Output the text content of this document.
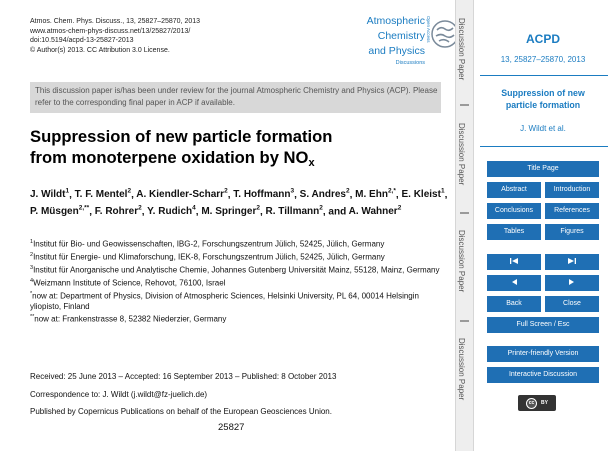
Atmos. Chem. Phys. Discuss., 13, 25827–25870, 2013
www.atmos-chem-phys-discuss.net/13/25827/2013/
doi:10.5194/acpd-13-25827-2013
© Author(s) 2013. CC Attribution 3.0 License.
Atmospheric
Chemistry
and Physics
Discussions
Open Access
This discussion paper is/has been under review for the journal Atmospheric Chemistry and Physics (ACP). Please refer to the corresponding final paper in ACP if available.
Suppression of new particle formation
from monoterpene oxidation by $NO_x$
J. Wildt$^1$, T. F. Mentel$^2$, A. Kiendler-Scharr$^2$, T. Hoffmann$^3$, S. Andres$^2$, M. Ehn$^{2,*}$, E. Kleist$^1$, P. Müsgen$^{2,**}$, F. Rohrer$^2$, Y. Rudich$^4$, M. Springer$^2$, R. Tillmann$^2$, and A. Wahner$^2$
$^1$Institut für Bio- und Geowissenschaften, IBG-2, Forschungszentrum Jülich, 52425, Jülich, Germany
$^2$Institut für Energie- und Klimaforschung, IEK-8, Forschungszentrum Jülich, 52425, Jülich, Germany
$^3$Institut für Anorganische und Analytische Chemie, Johannes Gutenberg Universität Mainz, 55128, Mainz, Germany
$^4$Weizmann Institute of Science, Rehovot, 76100, Israel
*now at: Department of Physics, Division of Atmospheric Sciences, Helsinki University, PL 64, 00014 Helsingin yliopisto, Finland
**now at: Frankenstrasse 8, 52382 Niederzier, Germany
Received: 25 June 2013 – Accepted: 16 September 2013 – Published: 8 October 2013
Correspondence to: J. Wildt (j.wildt@fz-juelich.de)
Published by Copernicus Publications on behalf of the European Geosciences Union.
25827
Discussion Paper
Discussion Paper
Discussion Paper
Discussion Paper
ACPD
13, 25827–25870, 2013
Suppression of new
particle formation
J. Wildt et al.
Title Page
Abstract	Introduction
Conclusions	References
Tables	Figures
Back	Close
Full Screen / Esc
Printer-friendly Version
Interactive Discussion
cc	BY
